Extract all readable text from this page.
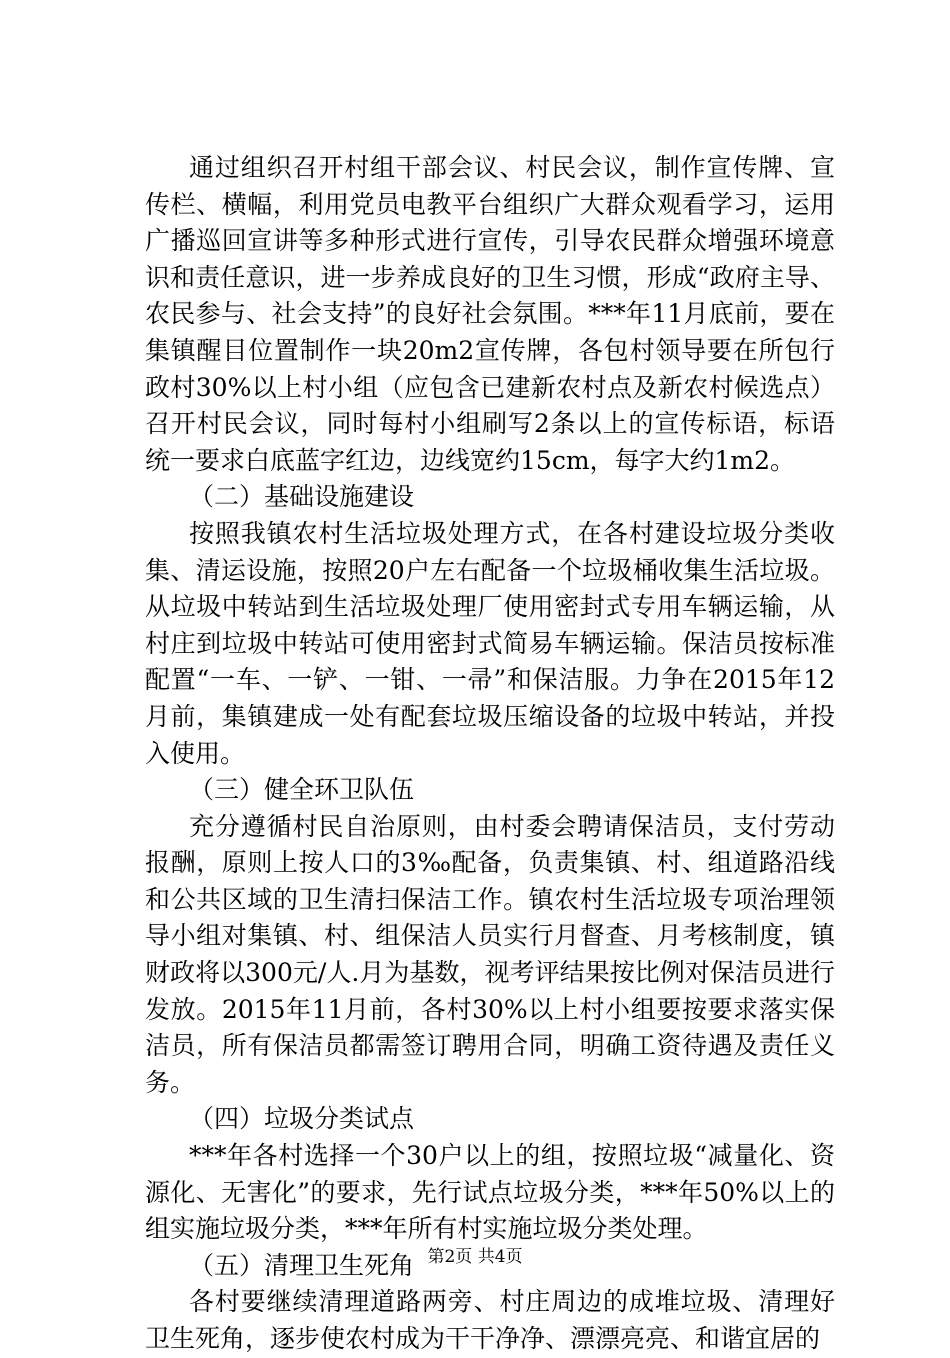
通过组织召开村组干部会议、村民会议，制作宣传牌、宣传栏、横幅，利用党员电教平台组织广大群众观看学习，运用广播巡回宣讲等多种形式进行宣传，引导农民群众增强环境意识和责任意识，进一步养成良好的卫生习惯，形成“政府主导、农民参与、社会支持”的良好社会氛围。***年11月底前，要在集镇醒目位置制作一块20m2宣传牌，各包村领导要在所包行政村30%以上村小组（应包含已建新农村点及新农村候选点）召开村民会议，同时每村小组刷写2条以上的宣传标语，标语统一要求白底蓝字红边，边线宽约15cm，每字大约1m2。

（二）基础设施建设

按照我镇农村生活垃圾处理方式，在各村建设垃圾分类收集、清运设施，按照20户左右配备一个垃圾桶收集生活垃圾。从垃圾中转站到生活垃圾处理厂使用密封式专用车辆运输，从村庄到垃圾中转站可使用密封式简易车辆运输。保洁员按标准配置“一车、一铲、一钳、一帚”和保洁服。力争在2015年12月前，集镇建成一处有配套垃圾压缩设备的垃圾中转站，并投入使用。

（三）健全环卫队伍

充分遵循村民自治原则，由村委会聘请保洁员，支付劳动报酬，原则上按人口的3‰配备，负责集镇、村、组道路沿线和公共区域的卫生清扫保洁工作。镇农村生活垃圾专项治理领导小组对集镇、村、组保洁人员实行月督查、月考核制度，镇财政将以300元/人.月为基数，视考评结果按比例对保洁员进行发放。2015年11月前，各村30%以上村小组要按要求落实保洁员，所有保洁员都需签订聘用合同，明确工资待遇及责任义务。

（四）垃圾分类试点

***年各村选择一个30户以上的组，按照垃圾“减量化、资源化、无害化”的要求，先行试点垃圾分类，***年50%以上的组实施垃圾分类，***年所有村实施垃圾分类处理。

（五）清理卫生死角

各村要继续清理道路两旁、村庄周边的成堆垃圾、清理好卫生死角，逐步使农村成为干干净净、漂漂亮亮、和谐宜居的

第2页 共4页
